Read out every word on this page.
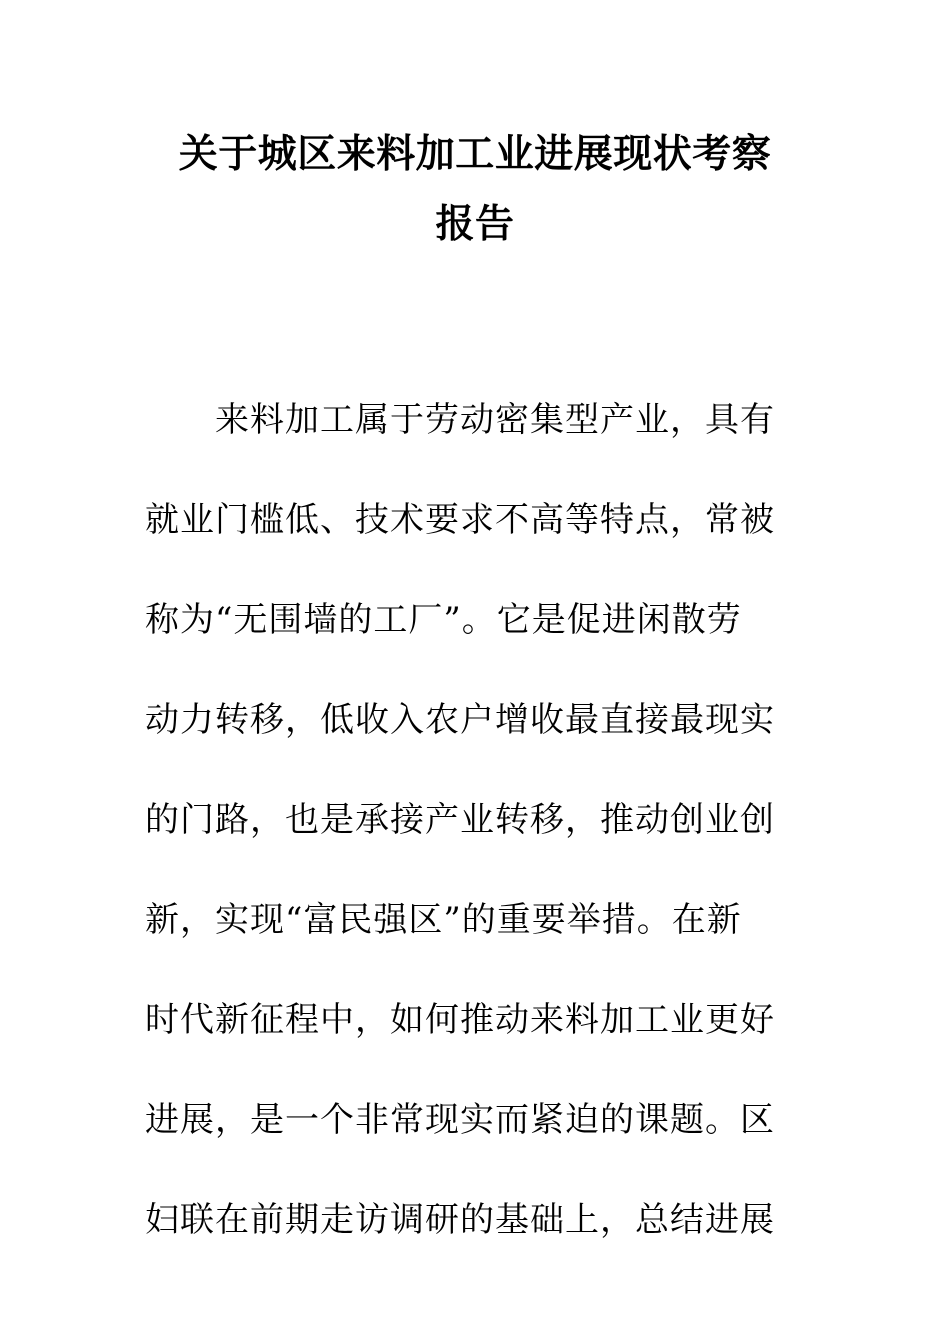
关于城区来料加工业进展现状考察
报告
来料加工属于劳动密集型产业，具有
就业门槛低、技术要求不高等特点，常被
称为“无围墙的工厂”。它是促进闲散劳
动力转移，低收入农户增收最直接最现实
的门路，也是承接产业转移，推动创业创
新，实现“富民强区”的重要举措。在新
时代新征程中，如何推动来料加工业更好
进展，是一个非常现实而紧迫的课题。区
妇联在前期走访调研的基础上，总结进展
